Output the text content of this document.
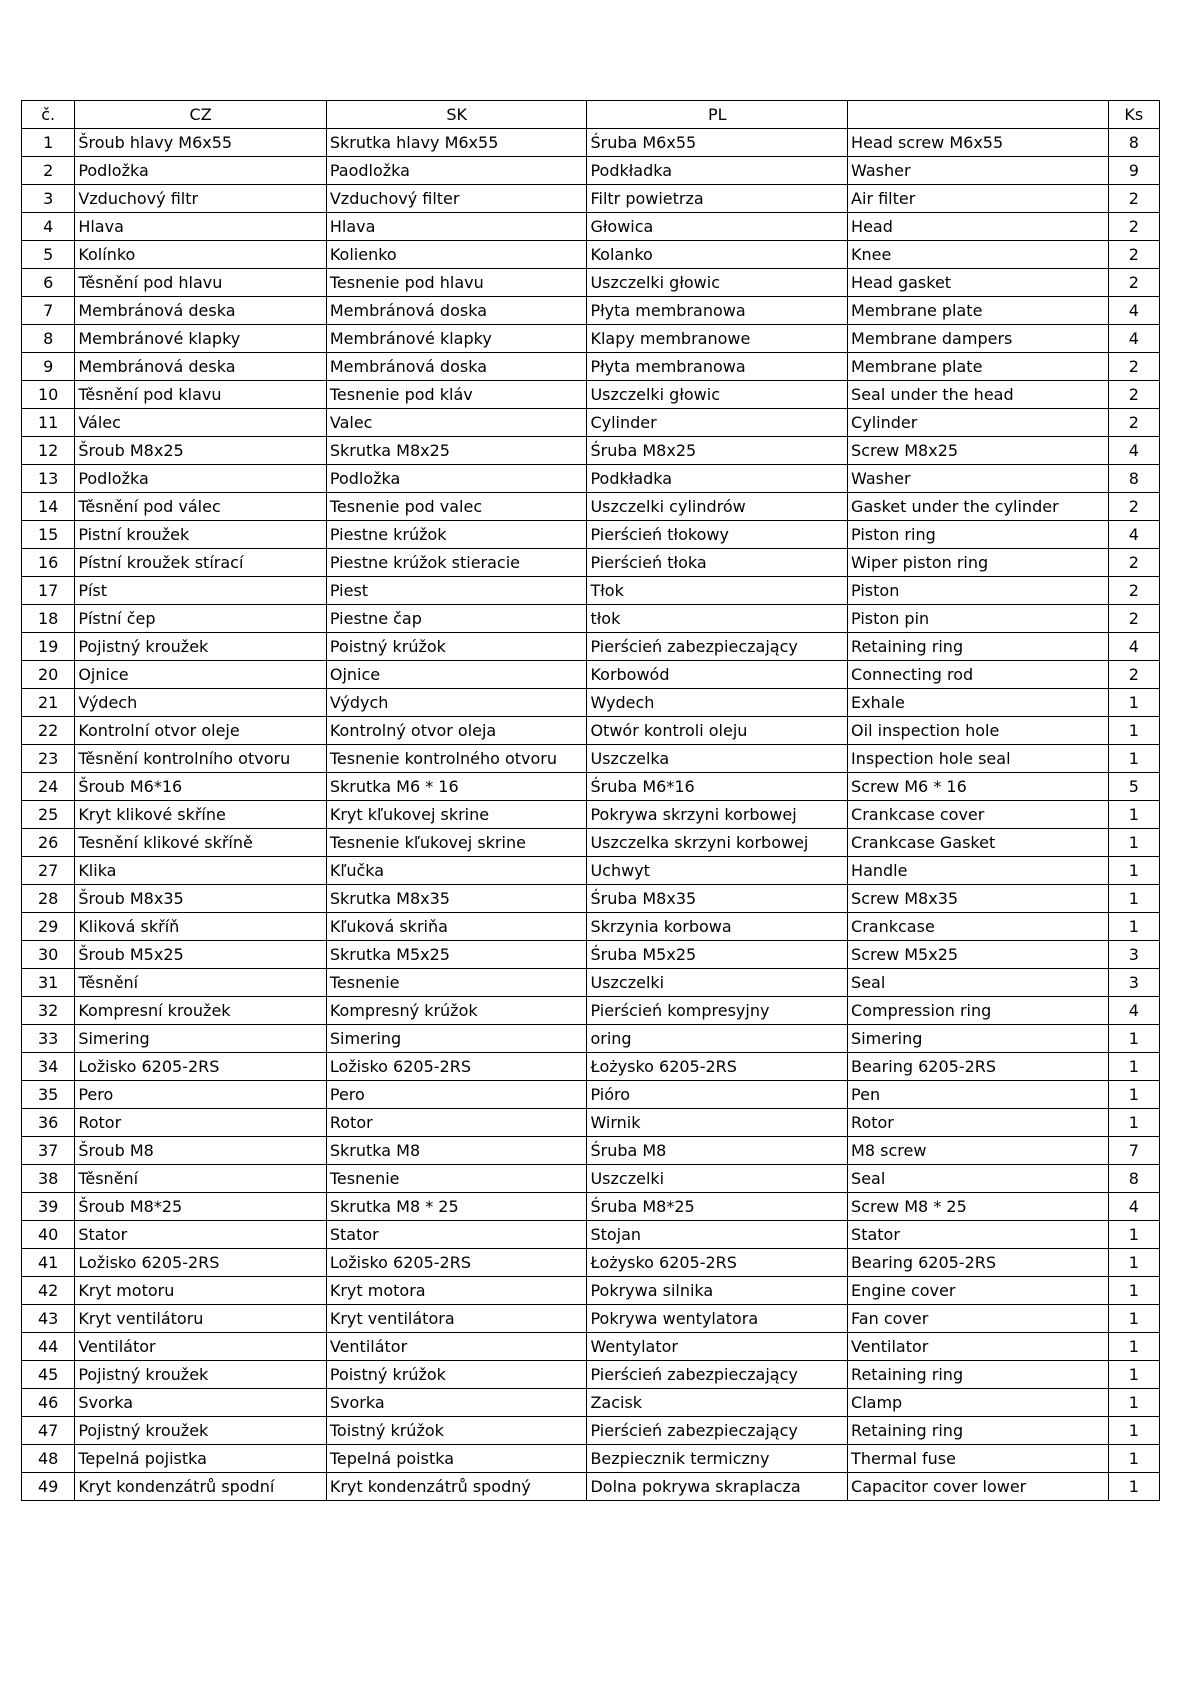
č.	CZ	SK	PL		Ks
1	Šroub hlavy M6x55	Skrutka hlavy M6x55	Śruba M6x55	Head screw M6x55	8
2	Podložka	Paodložka	Podkładka	Washer	9
3	Vzduchový filtr	Vzduchový filter	Filtr powietrza	Air filter	2
4	Hlava	Hlava	Głowica	Head	2
5	Kolínko	Kolienko	Kolanko	Knee	2
6	Těsnění pod hlavu	Tesnenie pod hlavu	Uszczelki głowic	Head gasket	2
7	Membránová deska	Membránová doska	Płyta membranowa	Membrane plate	4
8	Membránové klapky	Membránové klapky	Klapy membranowe	Membrane dampers	4
9	Membránová deska	Membránová doska	Płyta membranowa	Membrane plate	2
10	Těsnění pod klavu	Tesnenie pod kláv	Uszczelki głowic	Seal under the head	2
11	Válec	Valec	Cylinder	Cylinder	2
12	Šroub M8x25	Skrutka M8x25	Śruba M8x25	Screw M8x25	4
13	Podložka	Podložka	Podkładka	Washer	8
14	Těsnění pod válec	Tesnenie pod valec	Uszczelki cylindrów	Gasket under the cylinder	2
15	Pistní kroužek	Piestne krúžok	Pierścień tłokowy	Piston ring	4
16	Pístní kroužek stírací	Piestne krúžok stieracie	Pierścień tłoka	Wiper piston ring	2
17	Píst	Piest	Tłok	Piston	2
18	Pístní čep	Piestne čap	tłok	Piston pin	2
19	Pojistný kroužek	Poistný krúžok	Pierścień zabezpieczający	Retaining ring	4
20	Ojnice	Ojnice	Korbowód	Connecting rod	2
21	Výdech	Výdych	Wydech	Exhale	1
22	Kontrolní otvor oleje	Kontrolný otvor oleja	Otwór kontroli oleju	Oil inspection hole	1
23	Těsnění kontrolního otvoru	Tesnenie kontrolného otvoru	Uszczelka	Inspection hole seal	1
24	Šroub M6*16	Skrutka M6 * 16	Śruba M6*16	Screw M6 * 16	5
25	Kryt klikové skříne	Kryt kľukovej skrine	Pokrywa skrzyni korbowej	Crankcase cover	1
26	Tesnění klikové skříně	Tesnenie kľukovej skrine	Uszczelka skrzyni korbowej	Crankcase Gasket	1
27	Klika	Kľučka	Uchwyt	Handle	1
28	Šroub M8x35	Skrutka M8x35	Śruba M8x35	Screw M8x35	1
29	Kliková skříň	Kľuková skriňa	Skrzynia korbowa	Crankcase	1
30	Šroub M5x25	Skrutka M5x25	Śruba M5x25	Screw M5x25	3
31	Těsnění	Tesnenie	Uszczelki	Seal	3
32	Kompresní kroužek	Kompresný krúžok	Pierścień kompresyjny	Compression ring	4
33	Simering	Simering	oring	Simering	1
34	Ložisko 6205-2RS	Ložisko 6205-2RS	Łożysko 6205-2RS	Bearing 6205-2RS	1
35	Pero	Pero	Pióro	Pen	1
36	Rotor	Rotor	Wirnik	Rotor	1
37	Šroub M8	Skrutka M8	Śruba M8	M8 screw	7
38	Těsnění	Tesnenie	Uszczelki	Seal	8
39	Šroub M8*25	Skrutka M8 * 25	Śruba M8*25	Screw M8 * 25	4
40	Stator	Stator	Stojan	Stator	1
41	Ložisko 6205-2RS	Ložisko 6205-2RS	Łożysko 6205-2RS	Bearing 6205-2RS	1
42	Kryt motoru	Kryt motora	Pokrywa silnika	Engine cover	1
43	Kryt ventilátoru	Kryt ventilátora	Pokrywa wentylatora	Fan cover	1
44	Ventilátor	Ventilátor	Wentylator	Ventilator	1
45	Pojistný kroužek	Poistný krúžok	Pierścień zabezpieczający	Retaining ring	1
46	Svorka	Svorka	Zacisk	Clamp	1
47	Pojistný kroužek	Toistný krúžok	Pierścień zabezpieczający	Retaining ring	1
48	Tepelná pojistka	Tepelná poistka	Bezpiecznik termiczny	Thermal fuse	1
49	Kryt kondenzátrů spodní	Kryt kondenzátrů spodný	Dolna pokrywa skraplacza	Capacitor cover lower	1
